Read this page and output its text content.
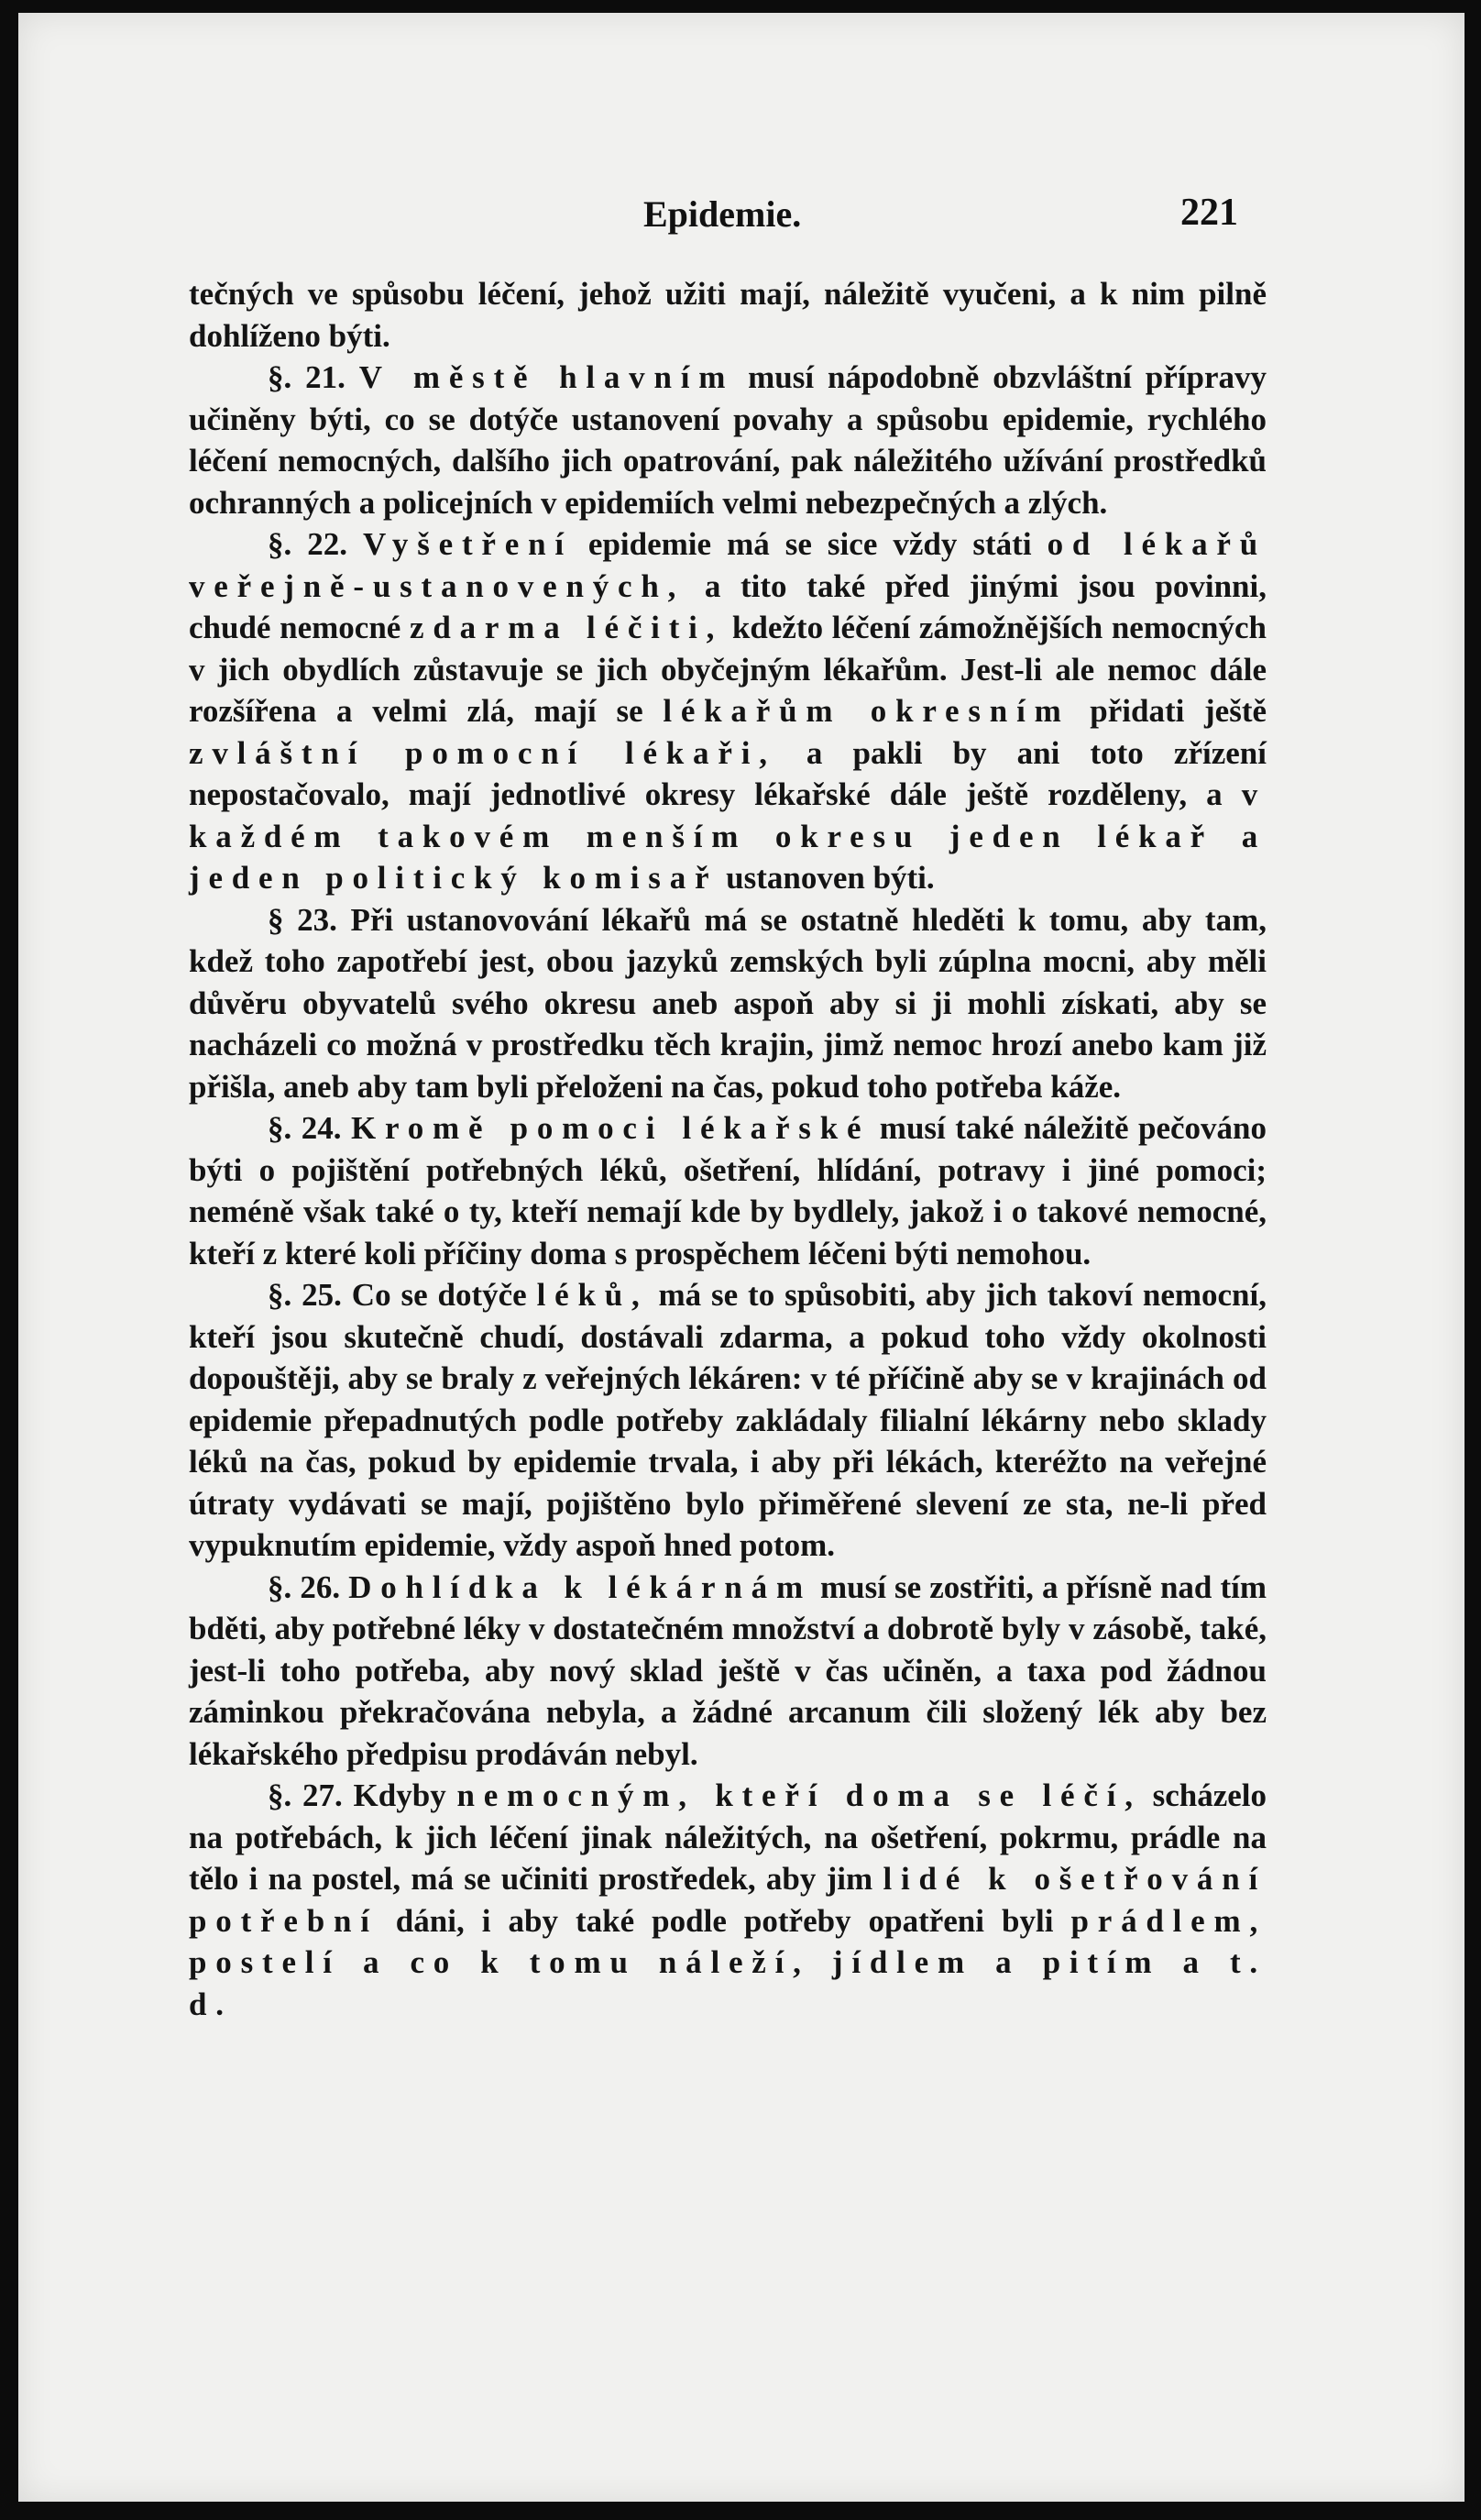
Epidemie.	221

tečných ve spůsobu léčení, jehož užiti mají, náležitě vyučeni, a k nim pilně dohlíženo býti.

§. 21. V městě hlavním musí nápodobně obzvláštní přípravy učiněny býti, co se dotýče ustanovení povahy a spůsobu epidemie, rychlého léčení nemocných, dalšího jich opatrování, pak náležitého užívání prostředků ochranných a policejních v epidemiích velmi nebezpečných a zlých.

§. 22. Vyšetření epidemie má se sice vždy státi od lékařů veřejně-ustanovených, a tito také před jinými jsou povinni, chudé nemocné zdarma léčiti, kdežto léčení zámožnějších nemocných v jich obydlích zůstavuje se jich obyčejným lékařům. Jest-li ale nemoc dále rozšířena a velmi zlá, mají se lékařům okresním přidati ještě zvláštní pomocní lékaři, a pakli by ani toto zřízení nepostačovalo, mají jednotlivé okresy lékařské dále ještě rozděleny, a v každém takovém menším okresu jeden lékař a jeden politický komisař ustanoven býti.

§ 23. Při ustanovování lékařů má se ostatně hleděti k tomu, aby tam, kdež toho zapotřebí jest, obou jazyků zemských byli zúplna mocni, aby měli důvěru obyvatelů svého okresu aneb aspoň aby si ji mohli získati, aby se nacházeli co možná v prostředku těch krajin, jimž nemoc hrozí anebo kam již přišla, aneb aby tam byli přeloženi na čas, pokud toho potřeba káže.

§. 24. Kromě pomoci lékařské musí také náležitě pečováno býti o pojištění potřebných léků, ošetření, hlídání, potravy i jiné pomoci; neméně však také o ty, kteří nemají kde by bydlely, jakož i o takové nemocné, kteří z které koli příčiny doma s prospěchem léčeni býti nemohou.

§. 25. Co se dotýče léků, má se to spůsobiti, aby jich takoví nemocní, kteří jsou skutečně chudí, dostávali zdarma, a pokud toho vždy okolnosti dopouštěji, aby se braly z veřejných lékáren: v té příčině aby se v krajinách od epidemie přepadnutých podle potřeby zakládaly filialní lékárny nebo sklady léků na čas, pokud by epidemie trvala, i aby při lékách, kteréžto na veřejné útraty vydávati se mají, pojištěno bylo přiměřené slevení ze sta, ne-li před vypuknutím epidemie, vždy aspoň hned potom.

§. 26. Dohlídka k lékárnám musí se zostřiti, a přísně nad tím bděti, aby potřebné léky v dostatečném množství a dobrotě byly v zásobě, také, jest-li toho potřeba, aby nový sklad ještě v čas učiněn, a taxa pod žádnou záminkou překračována nebyla, a žádné arcanum čili složený lék aby bez lékařského předpisu prodáván nebyl.

§. 27. Kdyby nemocným, kteří doma se léčí, scházelo na potřebách, k jich léčení jinak náležitých, na ošetření, pokrmu, prádle na tělo i na postel, má se učiniti prostředek, aby jim lidé k ošetřování potřební dáni, i aby také podle potřeby opatřeni byli prádlem, postelí a co k tomu náleží, jídlem a pitím a t. d.
